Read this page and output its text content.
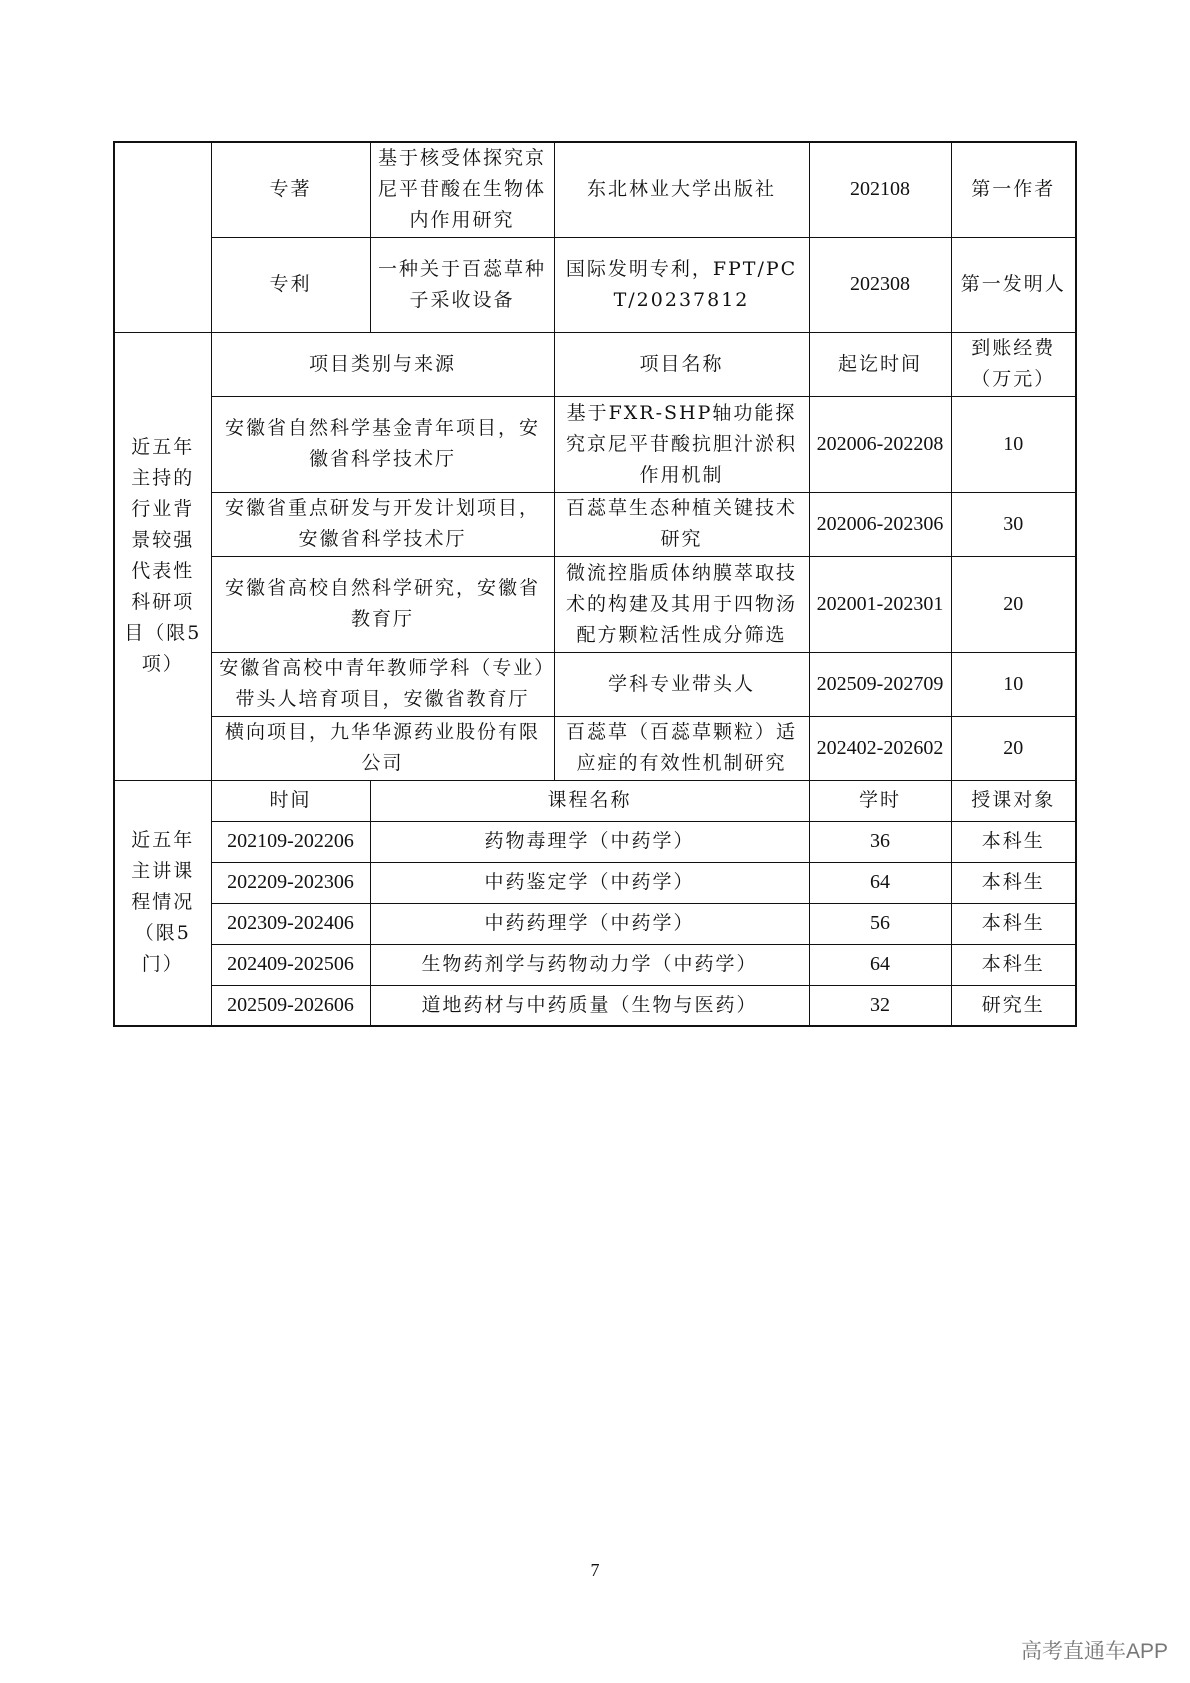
	专著	基于核受体探究京尼平苷酸在生物体内作用研究	东北林业大学出版社	202108	第一作者
	专利	一种关于百蕊草种子采收设备	国际发明专利，FPT/PCT/20237812	202308	第一发明人
近五年主持的行业背景较强代表性科研项目（限5项）	项目类别与来源		项目名称	起讫时间	到账经费（万元）
	安徽省自然科学基金青年项目，安徽省科学技术厅		基于FXR-SHP轴功能探究京尼平苷酸抗胆汁淤积作用机制	202006-202208	10
	安徽省重点研发与开发计划项目，安徽省科学技术厅		百蕊草生态种植关键技术研究	202006-202306	30
	安徽省高校自然科学研究，安徽省教育厅		微流控脂质体纳膜萃取技术的构建及其用于四物汤配方颗粒活性成分筛选	202001-202301	20
	安徽省高校中青年教师学科（专业）带头人培育项目，安徽省教育厅		学科专业带头人	202509-202709	10
	横向项目，九华华源药业股份有限公司		百蕊草（百蕊草颗粒）适应症的有效性机制研究	202402-202602	20
近五年主讲课程情况（限5门）	时间	课程名称		学时	授课对象
	202109-202206	药物毒理学（中药学）		36	本科生
	202209-202306	中药鉴定学（中药学）		64	本科生
	202309-202406	中药药理学（中药学）		56	本科生
	202409-202506	生物药剂学与药物动力学（中药学）		64	本科生
	202509-202606	道地药材与中药质量（生物与医药）		32	研究生
7
高考直通车APP
